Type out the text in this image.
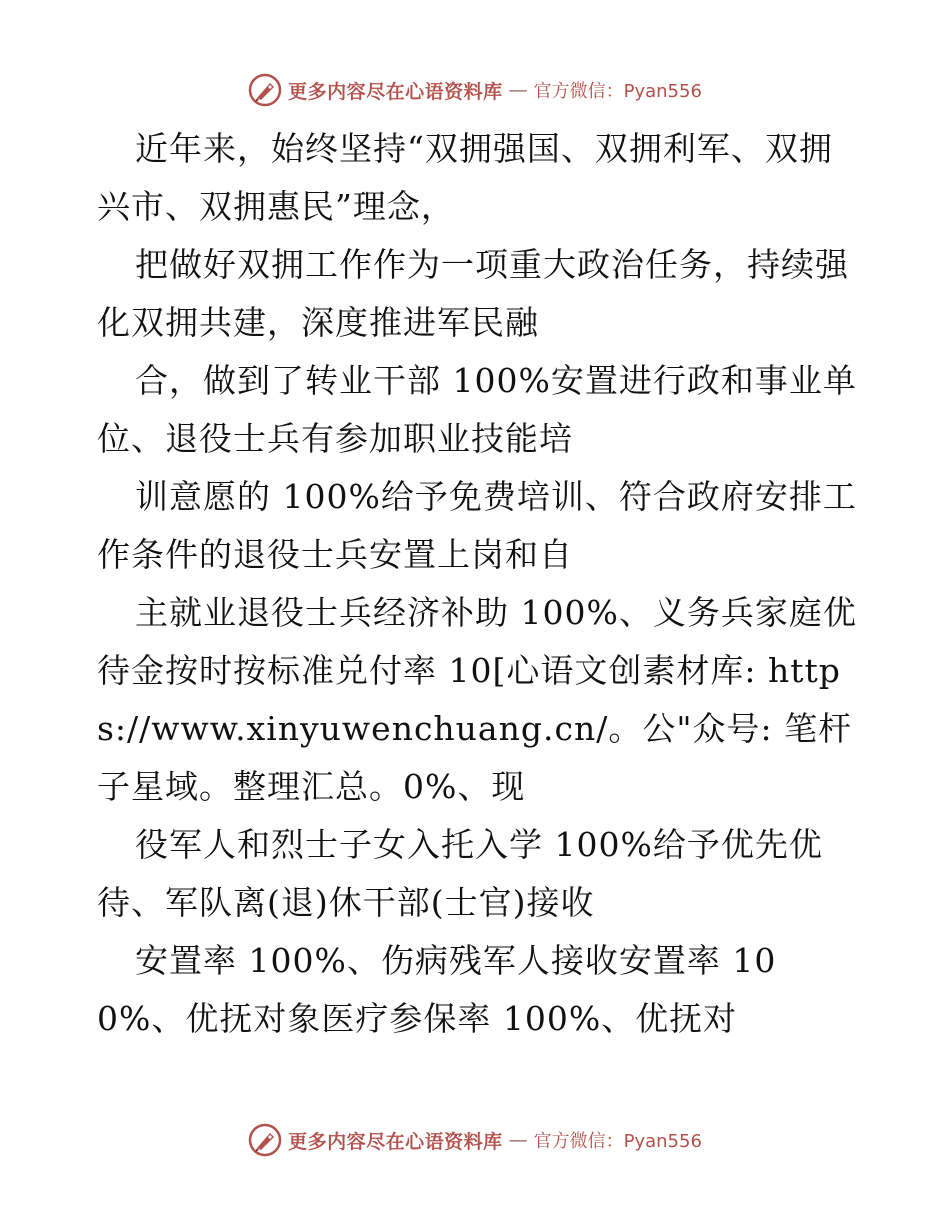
更多内容尽在心语资料库 — 官方微信：Pyan556

近年来，始终坚持“双拥强国、双拥利军、双拥兴市、双拥惠民”理念，

把做好双拥工作作为一项重大政治任务，持续强化双拥共建，深度推进军民融

合，做到了转业干部 100%安置进行政和事业单位、退役士兵有参加职业技能培

训意愿的 100%给予免费培训、符合政府安排工作条件的退役士兵安置上岗和自

主就业退役士兵经济补助 100%、义务兵家庭优待金按时按标准兑付率 10[心语文创素材库: https://www.xinyuwenchuang.cn/。公"众号: 笔杆子星域。整理汇总。0%、现

役军人和烈士子女入托入学 100%给予优先优待、军队离(退)休干部(士官)接收

安置率 100%、伤病残军人接收安置率 100%、优抚对象医疗参保率 100%、优抚对

更多内容尽在心语资料库 — 官方微信：Pyan556
